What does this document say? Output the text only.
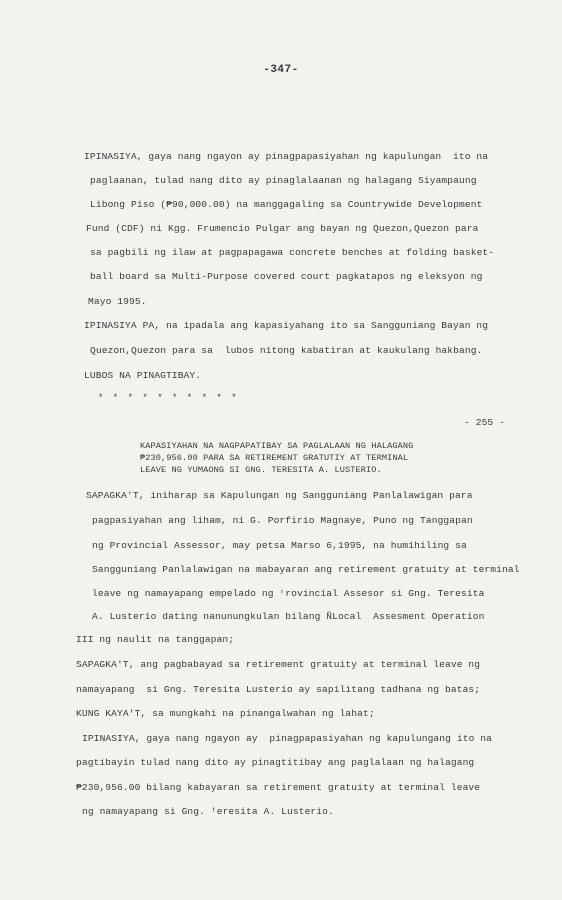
-347-
IPINASIYA, gaya nang ngayon ay pinagpapasiyahan ng kapulungan  ito na
paglaanan, tulad nang dito ay pinaglalaanan ng halagang Siyampaung
Libong Piso (₱90,000.00) na manggagaling sa Countrywide Development
Fund (CDF) ni Kgg. Frumencio Pulgar ang bayan ng Quezon,Quezon para
sa pagbili ng ilaw at pagpapagawa concrete benches at folding basket-
ball board sa Multi-Purpose covered court pagkatapos ng eleksyon ng
Mayo 1995.
IPINASIYA PA, na ipadala ang kapasiyahang ito sa Sangguniang Bayan ng
Quezon,Quezon para sa  lubos nitong kabatiran at kaukulang hakbang.
LUBOS NA PINAGTIBAY.
* * * * * * * * * *
- 255 -
KAPASIYAHAN NA NAGPAPATIBAY SA PAGLALAAN NG HALAGANG
₱230,956.00 PARA SA RETIREMENT GRATUTIY AT TERMINAL
LEAVE NG YUMAONG SI GNG. TERESITA A. LUSTERIO.
SAPAGKA'T, iniharap sa Kapulungan ng Sangguniang Panlalawigan para
pagpasiyahan ang liham, ni G. Porfirio Magnaye, Puno ng Tanggapan
ng Provincial Assessor, may petsa Marso 6,1995, na humihiling sa
Sangguniang Panlalawigan na mabayaran ang retirement gratuity at terminal
leave ng namayapang empelado ng ʳrovincial Assesor si Gng. Teresita
A. Lusterio dating nanunungkulan bilang ÑLocal  Assesment Operation
III ng naulit na tanggapan;
SAPAGKA'T, ang pagbabayad sa retirement gratuity at terminal leave ng
namayapang  si Gng. Teresita Lusterio ay sapilitang tadhana ng batas;
KUNG KAYA'T, sa mungkahi na pinangalwahan ng lahat;
IPINASIYA, gaya nang ngayon ay  pinagpapasiyahan ng kapulungang ito na
pagtibayin tulad nang dito ay pinagtitibay ang paglalaan ng halagang
₱230,956.00 bilang kabayaran sa retirement gratuity at terminal leave
ng namayapang si Gng. ᵗeresita A. Lusterio.
